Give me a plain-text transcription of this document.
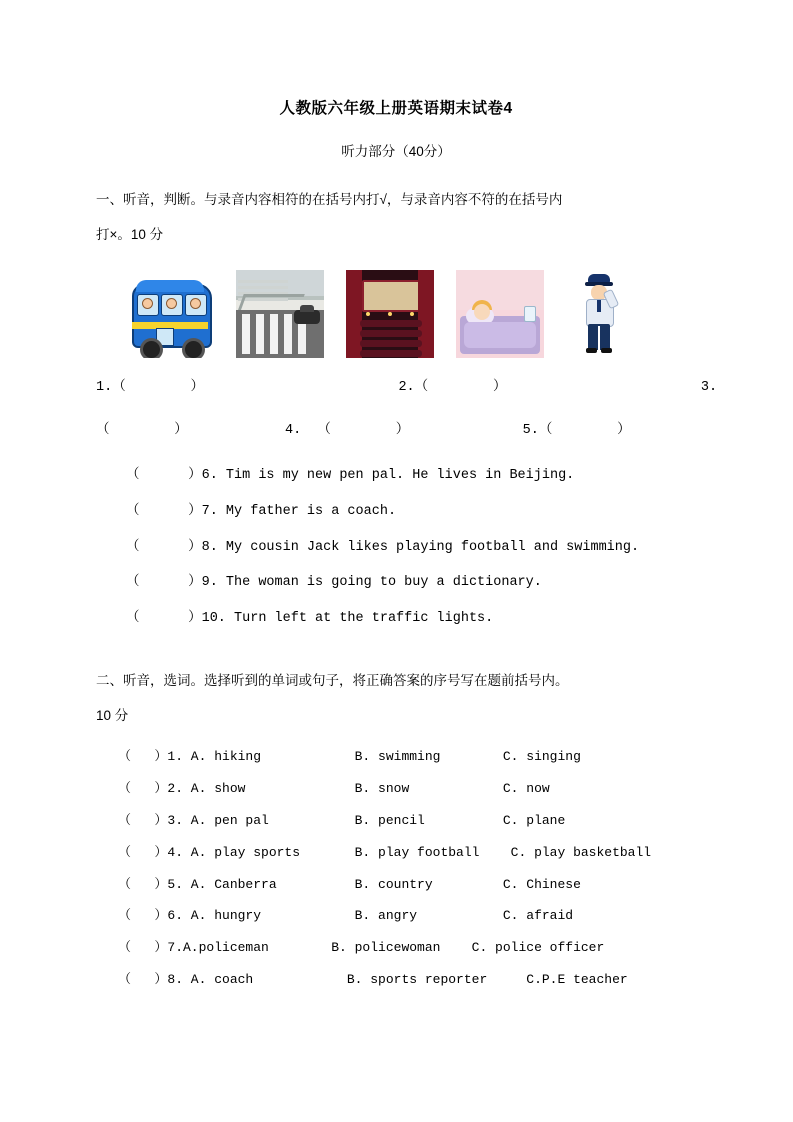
人教版六年级上册英语期末试卷4
听力部分（40分）

一、听音，判断。与录音内容相符的在括号内打√，与录音内容不符的在括号内

打×。10 分

1.（        ）                        2.（        ）                        3.
（        ）            4.  （        ）              5.（        ）
（      ）6. Tim is my new pen pal. He lives in Beijing.
（      ）7. My father is a coach.
（      ）8. My cousin Jack likes playing football and swimming.
（      ）9. The woman is going to buy a dictionary.
（      ）10. Turn left at the traffic lights.

二、听音，选词。选择听到的单词或句子，将正确答案的序号写在题前括号内。

10 分

（   ）1. A. hiking            B. swimming        C. singing
（   ）2. A. show              B. snow            C. now
（   ）3. A. pen pal           B. pencil          C. plane
（   ）4. A. play sports       B. play football    C. play basketball
（   ）5. A. Canberra          B. country         C. Chinese
（   ）6. A. hungry            B. angry           C. afraid
（   ）7.A.policeman        B. policewoman    C. police officer
（   ）8. A. coach            B. sports reporter     C.P.E teacher
